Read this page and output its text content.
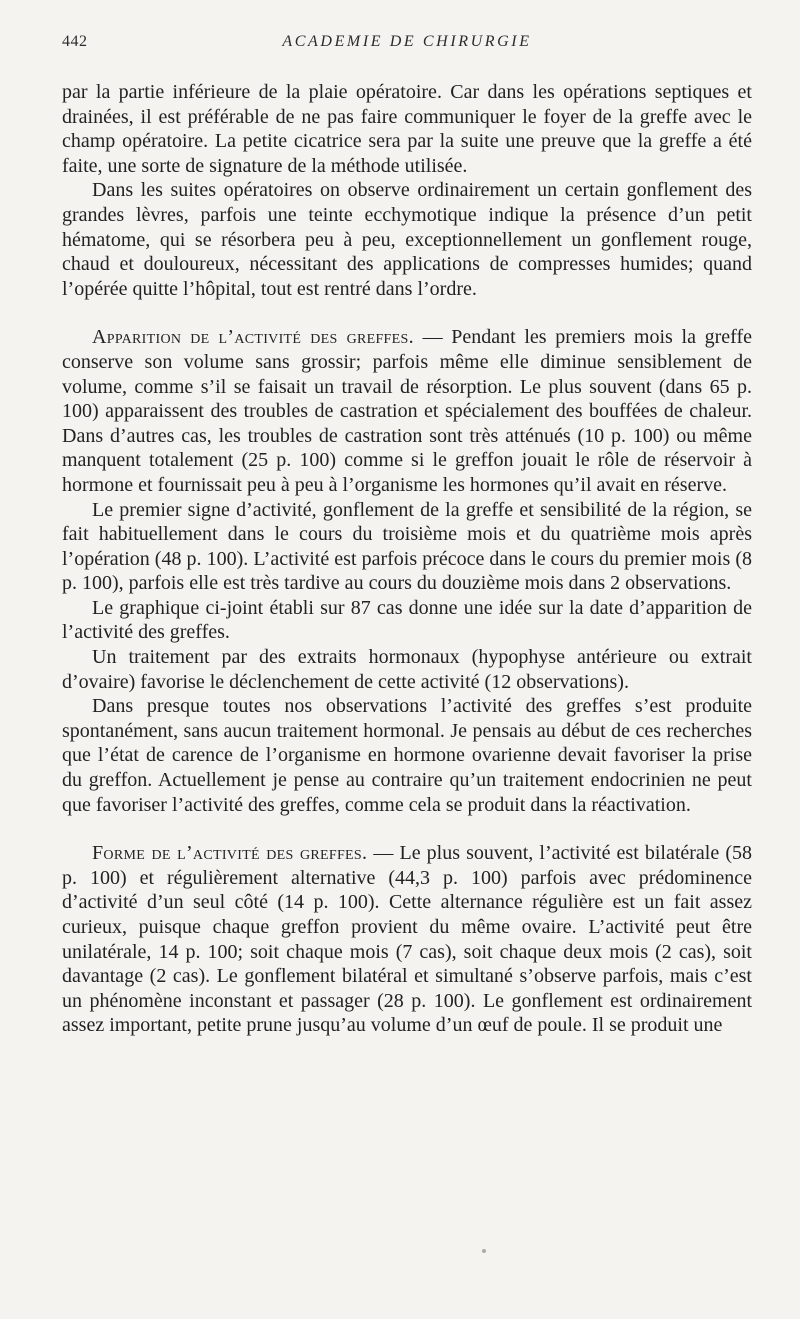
442	ACADEMIE DE CHIRURGIE

par la partie inférieure de la plaie opératoire. Car dans les opérations septiques et drainées, il est préférable de ne pas faire communiquer le foyer de la greffe avec le champ opératoire. La petite cicatrice sera par la suite une preuve que la greffe a été faite, une sorte de signature de la méthode utilisée.

Dans les suites opératoires on observe ordinairement un certain gonflement des grandes lèvres, parfois une teinte ecchymotique indique la présence d’un petit hématome, qui se résorbera peu à peu, exceptionnellement un gonflement rouge, chaud et douloureux, nécessitant des applications de compresses humides; quand l’opérée quitte l’hôpital, tout est rentré dans l’ordre.

Apparition de l’activité des greffes. — Pendant les premiers mois la greffe conserve son volume sans grossir; parfois même elle diminue sensiblement de volume, comme s’il se faisait un travail de résorption. Le plus souvent (dans 65 p. 100) apparaissent des troubles de castration et spécialement des bouffées de chaleur. Dans d’autres cas, les troubles de castration sont très atténués (10 p. 100) ou même manquent totalement (25 p. 100) comme si le greffon jouait le rôle de réservoir à hormone et fournissait peu à peu à l’organisme les hormones qu’il avait en réserve.

Le premier signe d’activité, gonflement de la greffe et sensibilité de la région, se fait habituellement dans le cours du troisième mois et du quatrième mois après l’opération (48 p. 100). L’activité est parfois précoce dans le cours du premier mois (8 p. 100), parfois elle est très tardive au cours du douzième mois dans 2 observations.

Le graphique ci-joint établi sur 87 cas donne une idée sur la date d’apparition de l’activité des greffes.

Un traitement par des extraits hormonaux (hypophyse antérieure ou extrait d’ovaire) favorise le déclenchement de cette activité (12 observations).

Dans presque toutes nos observations l’activité des greffes s’est produite spontanément, sans aucun traitement hormonal. Je pensais au début de ces recherches que l’état de carence de l’organisme en hormone ovarienne devait favoriser la prise du greffon. Actuellement je pense au contraire qu’un traitement endocrinien ne peut que favoriser l’activité des greffes, comme cela se produit dans la réactivation.

Forme de l’activité des greffes. — Le plus souvent, l’activité est bilatérale (58 p. 100) et régulièrement alternative (44,3 p. 100) parfois avec prédominence d’activité d’un seul côté (14 p. 100). Cette alternance régulière est un fait assez curieux, puisque chaque greffon provient du même ovaire. L’activité peut être unilatérale, 14 p. 100; soit chaque mois (7 cas), soit chaque deux mois (2 cas), soit davantage (2 cas). Le gonflement bilatéral et simultané s’observe parfois, mais c’est un phénomène inconstant et passager (28 p. 100). Le gonflement est ordinairement assez important, petite prune jusqu’au volume d’un œuf de poule. Il se produit une
